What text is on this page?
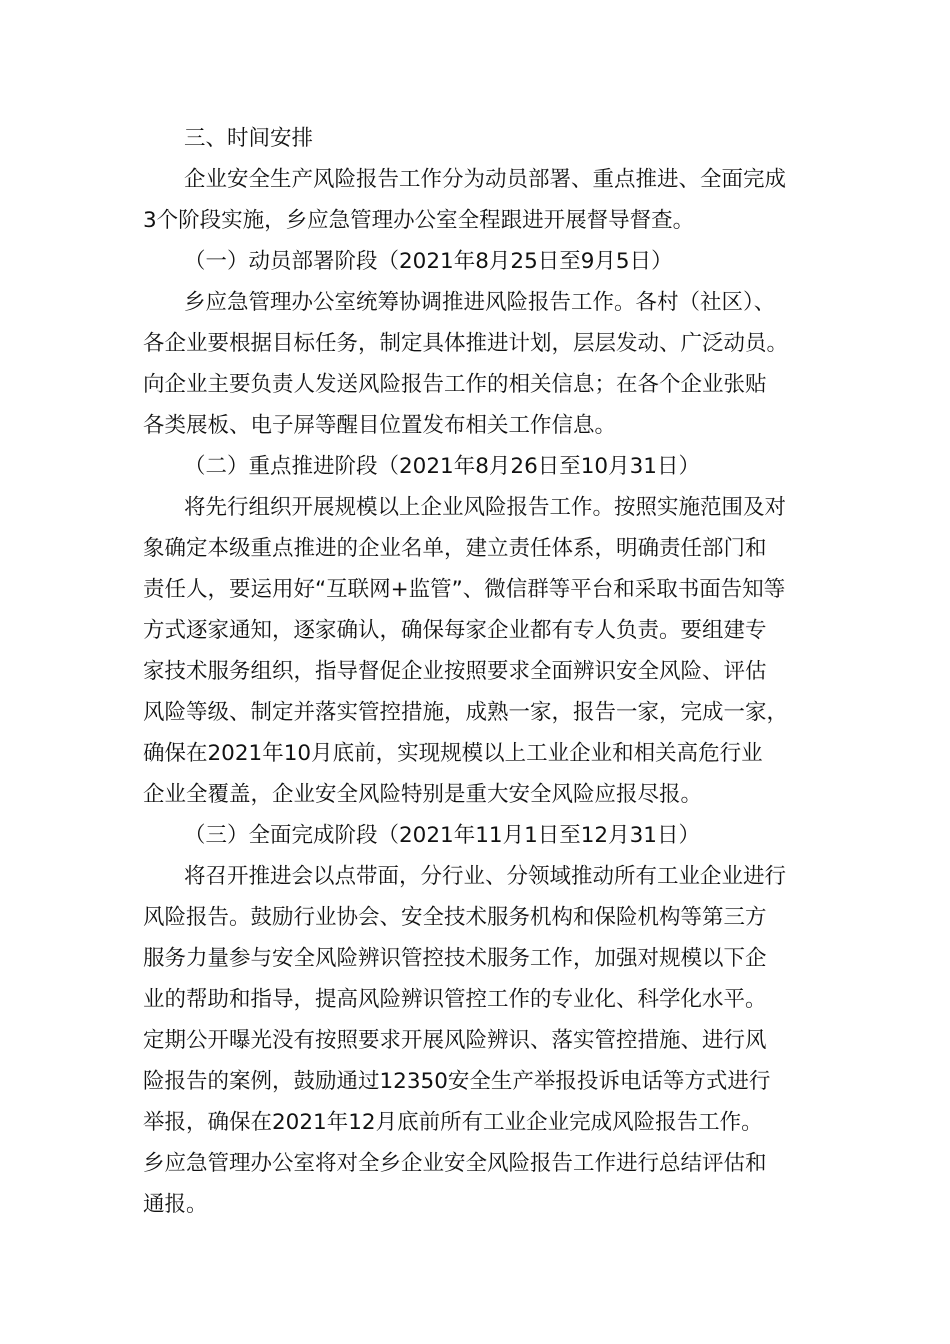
三、时间安排

企业安全生产风险报告工作分为动员部署、重点推进、全面完成

3个阶段实施，乡应急管理办公室全程跟进开展督导督查。

（一）动员部署阶段（2021年8月25日至9月5日）

乡应急管理办公室统筹协调推进风险报告工作。各村（社区）、

各企业要根据目标任务，制定具体推进计划，层层发动、广泛动员。

向企业主要负责人发送风险报告工作的相关信息；在各个企业张贴

各类展板、电子屏等醒目位置发布相关工作信息。

（二）重点推进阶段（2021年8月26日至10月31日）

将先行组织开展规模以上企业风险报告工作。按照实施范围及对

象确定本级重点推进的企业名单，建立责任体系，明确责任部门和

责任人，要运用好“互联网+监管”、微信群等平台和采取书面告知等

方式逐家通知，逐家确认，确保每家企业都有专人负责。要组建专

家技术服务组织，指导督促企业按照要求全面辨识安全风险、评估

风险等级、制定并落实管控措施，成熟一家，报告一家，完成一家，

确保在2021年10月底前，实现规模以上工业企业和相关高危行业

企业全覆盖，企业安全风险特别是重大安全风险应报尽报。

（三）全面完成阶段（2021年11月1日至12月31日）

将召开推进会以点带面，分行业、分领域推动所有工业企业进行

风险报告。鼓励行业协会、安全技术服务机构和保险机构等第三方

服务力量参与安全风险辨识管控技术服务工作，加强对规模以下企

业的帮助和指导，提高风险辨识管控工作的专业化、科学化水平。

定期公开曝光没有按照要求开展风险辨识、落实管控措施、进行风

险报告的案例，鼓励通过12350安全生产举报投诉电话等方式进行

举报，确保在2021年12月底前所有工业企业完成风险报告工作。

乡应急管理办公室将对全乡企业安全风险报告工作进行总结评估和

通报。
